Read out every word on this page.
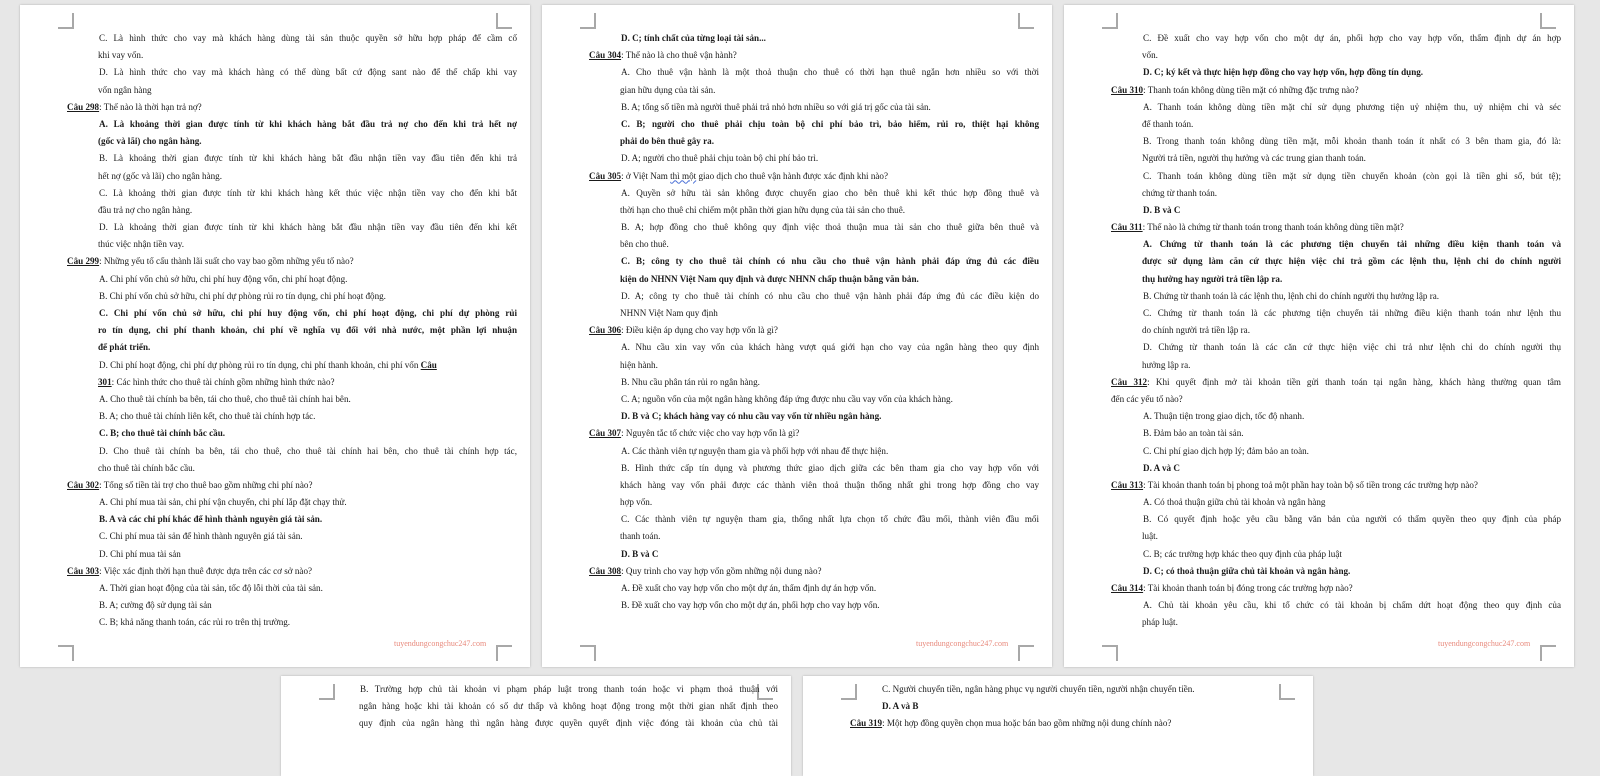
C. Là hình thức cho vay mà khách hàng dùng tài sản thuộc quyền sở hữu hợp pháp để cầm cố
khi vay vốn.
D. Là hình thức cho vay mà khách hàng có thể dùng bất cứ động sant nào để thế chấp khi vay
vốn ngân hàng
Câu 298: Thế nào là thời hạn trả nợ?
A. Là khoảng thời gian được tính từ khi khách hàng bắt đầu trả nợ cho đến khi trả hết nợ
(gốc và lãi) cho ngân hàng.
B. Là khoảng thời gian được tính từ khi khách hàng bắt đầu nhận tiền vay đầu tiên đến khi trả
hết nợ (gốc và lãi) cho ngân hàng.
C. Là khoảng thời gian được tính từ khi khách hàng kết thúc việc nhận tiền vay cho đến khi bắt
đầu trả nợ cho ngân hàng.
D. Là khoảng thời gian được tính từ khi khách hàng bắt đầu nhận tiền vay đầu tiên đến khi kết
thúc việc nhận tiền vay.
Câu 299: Những yếu tố cấu thành lãi suất cho vay bao gồm những yếu tố nào?
A. Chi phí vốn chủ sở hữu, chi phí huy động vốn, chi phí hoạt động.
B. Chi phí vốn chủ sở hữu, chi phí dự phòng rủi ro tín dụng, chi phí hoạt động.
C. Chi phí vốn chủ sở hữu, chi phí huy động vốn, chi phí hoạt động, chi phí dự phòng rủi
ro tín dụng, chi phí thanh khoản, chi phí về nghĩa vụ đối với nhà nước, một phần lợi nhuận
để phát triển.
D. Chi phí hoạt động, chi phí dự phòng rủi ro tín dụng, chi phí thanh khoản, chi phí vốn Câu
301: Các hình thức cho thuê tài chính gồm những hình thức nào?
A. Cho thuê tài chính ba bên, tái cho thuê, cho thuê tài chính hai bên.
B. A; cho thuê tài chính liên kết, cho thuê tài chính hợp tác.
C. B; cho thuê tài chính bắc cầu.
D. Cho thuê tài chính ba bên, tái cho thuê, cho thuê tài chính hai bên, cho thuê tài chính hợp tác,
cho thuê tài chính bắc cầu.
Câu 302: Tổng số tiền tài trợ cho thuê bao gồm những chi phí nào?
A. Chi phí mua tài sản, chi phí vận chuyển, chi phí lắp đặt chạy thử.
B. A và các chi phí khác để hình thành nguyên giá tài sản.
C. Chi phí mua tài sản để hình thành nguyên giá tài sản.
D. Chi phí mua tài sản
Câu 303: Việc xác định thời hạn thuê được dựa trên các cơ sở nào?
A. Thời gian hoạt động của tài sản, tốc độ lỗi thời của tài sản.
B. A; cường độ sử dụng tài sản
C. B; khả năng thanh toán, các rủi ro trên thị trường.
tuyendungcongchuc247.com
D. C; tính chất của từng loại tài sản...
Câu 304: Thế nào là cho thuê vận hành?
A. Cho thuê vận hành là một thoả thuận cho thuê có thời hạn thuê ngắn hơn nhiều so với thời
gian hữu dụng của tài sản.
B. A; tổng số tiền mà người thuê phải trả nhỏ hơn nhiều so với giá trị gốc của tài sản.
C. B; người cho thuê phải chịu toàn bộ chi phí bảo trì, bảo hiểm, rủi ro, thiệt hại không
phải do bên thuê gây ra.
D. A; người cho thuê phải chịu toàn bộ chi phí bảo trì.
Câu 305: ở Việt Nam thì một giao dịch cho thuê vận hành được xác định khi nào?
A. Quyền sở hữu tài sản không được chuyển giao cho bên thuê khi kết thúc hợp đồng thuê và
thời hạn cho thuê chỉ chiếm một phần thời gian hữu dụng của tài sản cho thuê.
B. A; hợp đồng cho thuê không quy định việc thoả thuận mua tài sản cho thuê giữa bên thuê và
bên cho thuê.
C. B; công ty cho thuê tài chính có nhu cầu cho thuê vận hành phải đáp ứng đủ các điều
kiện do NHNN Việt Nam quy định và được NHNN chấp thuận bằng văn bản.
D. A; công ty cho thuê tài chính có nhu cầu cho thuê vận hành phải đáp ứng đủ các điều kiện do
NHNN Việt Nam quy định
Câu 306: Điều kiện áp dụng cho vay hợp vốn là gì?
A. Nhu cầu xin vay vốn của khách hàng vượt quá giới hạn cho vay của ngân hàng theo quy định
hiện hành.
B. Nhu cầu phân tán rủi ro ngân hàng.
C. A; nguồn vốn của một ngân hàng không đáp ứng được nhu cầu vay vốn của khách hàng.
D. B và C; khách hàng vay có nhu cầu vay vốn từ nhiều ngân hàng.
Câu 307: Nguyên tắc tổ chức việc cho vay hợp vốn là gì?
A. Các thành viên tự nguyện tham gia và phối hợp với nhau để thực hiện.
B. Hình thức cấp tín dụng và phương thức giao dịch giữa các bên tham gia cho vay hợp vốn với
khách hàng vay vốn phải được các thành viên thoả thuận thống nhất ghi trong hợp đồng cho vay
hợp vốn.
C. Các thành viên tự nguyện tham gia, thống nhất lựa chọn tổ chức đầu mối, thành viên đầu mối
thanh toán.
D. B và C
Câu 308: Quy trình cho vay hợp vốn gồm những nội dung nào?
A. Đề xuất cho vay hợp vốn cho một dự án, thẩm định dự án hợp vốn.
B. Đề xuất cho vay hợp vốn cho một dự án, phối hợp cho vay hợp vốn.
tuyendungcongchuc247.com
C. Đề xuất cho vay hợp vốn cho một dự án, phối hợp cho vay hợp vốn, thẩm định dự án hợp
vốn.
D. C; ký kết và thực hiện hợp đồng cho vay hợp vốn, hợp đồng tín dụng.
Câu 310: Thanh toán không dùng tiền mặt có những đặc trưng nào?
A. Thanh toán không dùng tiền mặt chỉ sử dụng phương tiện uỷ nhiệm thu, uỷ nhiệm chi và séc
để thanh toán.
B. Trong thanh toán không dùng tiền mặt, mỗi khoản thanh toán ít nhất có 3 bên tham gia, đó là:
Người trả tiền, người thụ hưởng và các trung gian thanh toán.
C. Thanh toán không dùng tiền mặt sử dụng tiền chuyển khoản (còn gọi là tiền ghi số, bút tệ);
chứng từ thanh toán.
D. B và C
Câu 311: Thế nào là chứng từ thanh toán trong thanh toán không dùng tiền mặt?
A. Chứng từ thanh toán là các phương tiện chuyển tải những điều kiện thanh toán và
được sử dụng làm căn cứ thực hiện việc chi trả gồm các lệnh thu, lệnh chi do chính người
thụ hưởng hay người trả tiền lập ra.
B. Chứng từ thanh toán là các lệnh thu, lệnh chi do chính người thụ hưởng lập ra.
C. Chứng từ thanh toán là các phương tiện chuyển tải những điều kiện thanh toán như lệnh thu
do chính người trả tiền lập ra.
D. Chứng từ thanh toán là các căn cứ thực hiện việc chi trả như lệnh chi do chính người thụ
hưởng lập ra.
Câu 312: Khi quyết định mở tài khoản tiền gửi thanh toán tại ngân hàng, khách hàng thường quan tâm
đến các yếu tố nào?
A. Thuận tiện trong giao dịch, tốc độ nhanh.
B. Đảm bảo an toàn tài sản.
C. Chi phí giao dịch hợp lý; đảm bảo an toàn.
D. A và C
Câu 313: Tài khoản thanh toán bị phong toả một phần hay toàn bộ số tiền trong các trường hợp nào?
A. Có thoả thuận giữa chủ tài khoản và ngân hàng
B. Có quyết định hoặc yêu cầu bằng văn bản của người có thẩm quyền theo quy định của pháp
luật.
C. B; các trường hợp khác theo quy định của pháp luật
D. C; có thoả thuận giữa chủ tài khoản và ngân hàng.
Câu 314: Tài khoản thanh toán bị đóng trong các trường hợp nào?
A. Chủ tài khoản yêu cầu, khi tổ chức có tài khoản bị chấm dứt hoạt động theo quy định của
pháp luật.
tuyendungcongchuc247.com
B. Trường hợp chủ tài khoản vi phạm pháp luật trong thanh toán hoặc vi phạm thoả thuận với
ngân hàng hoặc khi tài khoản có số dư thấp và không hoạt động trong một thời gian nhất định theo
quy định của ngân hàng thì ngân hàng được quyền quyết định việc đóng tài khoản của chủ tài
C. Người chuyển tiền, ngân hàng phục vụ người chuyển tiền, người nhận chuyển tiền.
D. A và B
Câu 319: Một hợp đồng quyền chọn mua hoặc bán bao gồm những nội dung chính nào?
